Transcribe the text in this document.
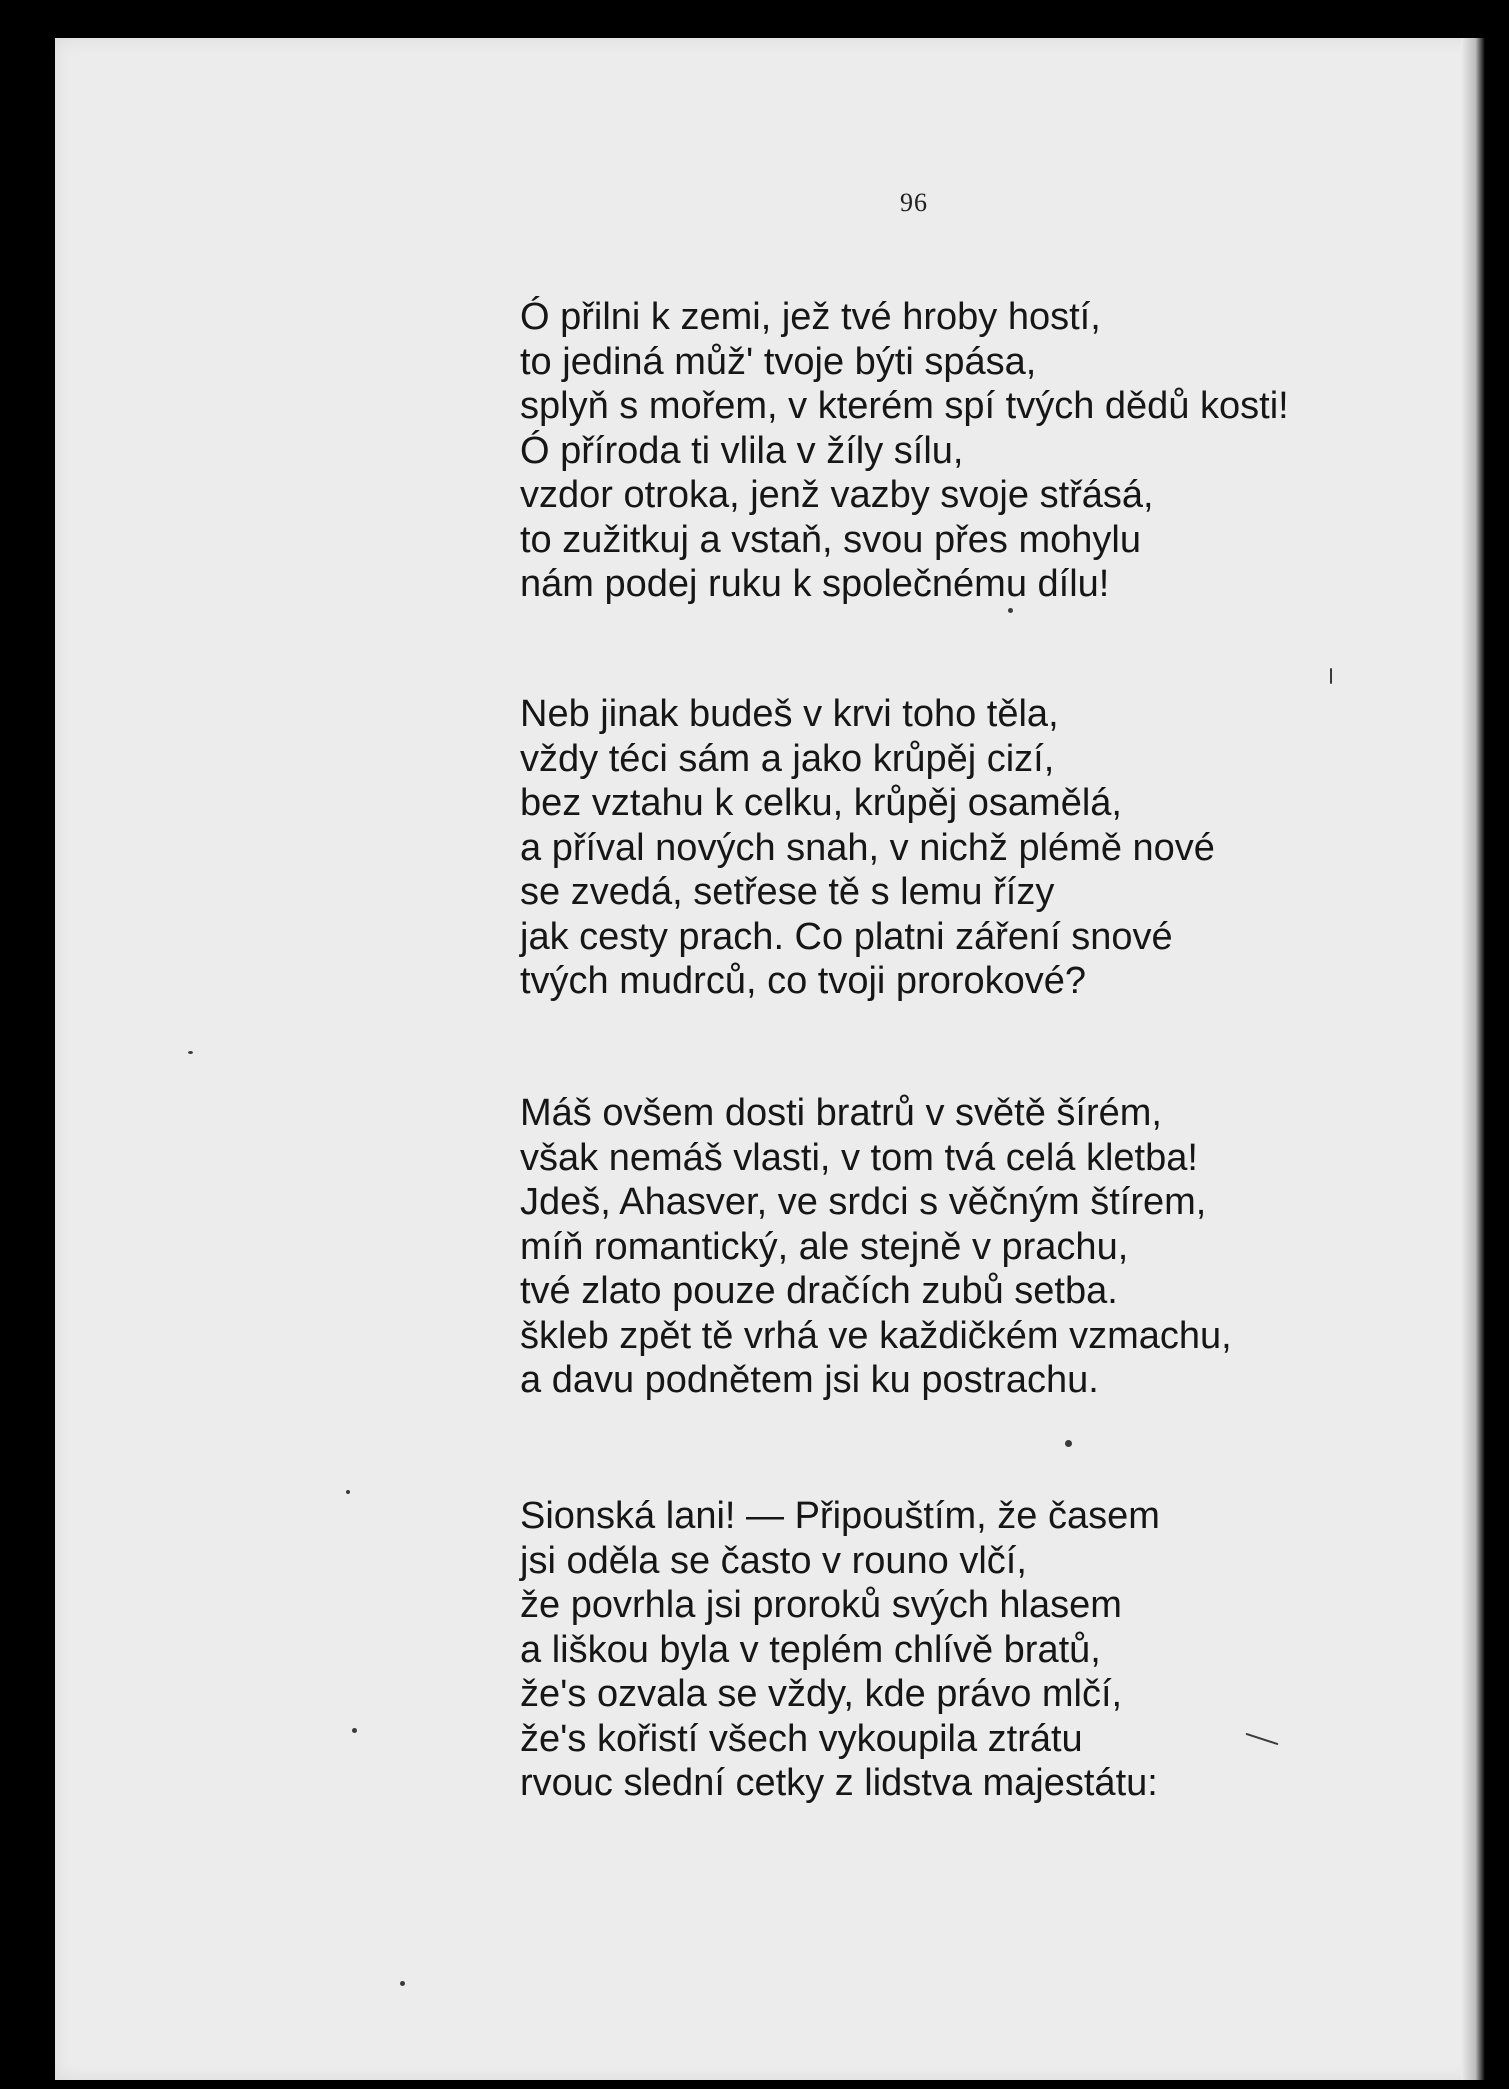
96
Ó přilni k zemi, jež tvé hroby hostí,
to jediná můž' tvoje býti spása,
splyň s mořem, v kterém spí tvých dědů kosti!
Ó příroda ti vlila v žíly sílu,
vzdor otroka, jenž vazby svoje střásá,
to zužitkuj a vstaň, svou přes mohylu
nám podej ruku k společnému dílu!
Neb jinak budeš v krvi toho těla,
vždy téci sám a jako krůpěj cizí,
bez vztahu k celku, krůpěj osamělá,
a příval nových snah, v nichž plémě nové
se zvedá, setřese tě s lemu řízy
jak cesty prach. Co platni záření snové
tvých mudrců, co tvoji prorokové?
Máš ovšem dosti bratrů v světě šírém,
však nemáš vlasti, v tom tvá celá kletba!
Jdeš, Ahasver, ve srdci s věčným štírem,
míň romantický, ale stejně v prachu,
tvé zlato pouze dračích zubů setba.
škleb zpět tě vrhá ve každičkém vzmachu,
a davu podnětem jsi ku postrachu.
Sionská lani! — Připouštím, že časem
jsi oděla se často v rouno vlčí,
že povrhla jsi proroků svých hlasem
a liškou byla v teplém chlívě bratů,
že's ozvala se vždy, kde právo mlčí,
že's kořistí všech vykoupila ztrátu
rvouc slední cetky z lidstva majestátu:
